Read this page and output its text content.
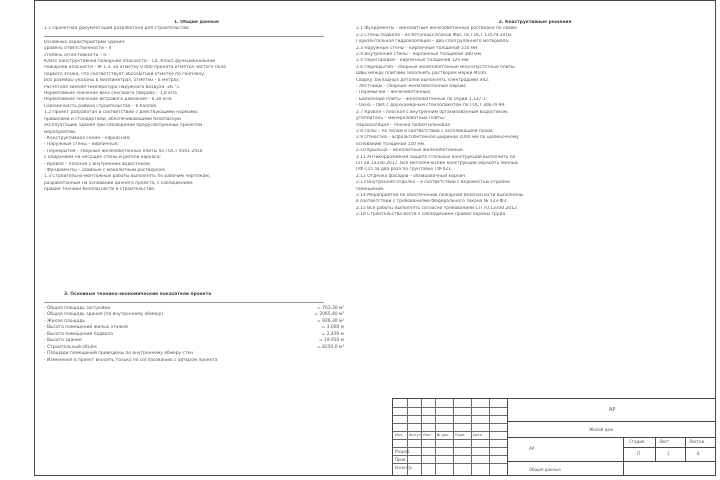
1. Общие данные

1.1 Проектная документация разработана для строительства

Основные характеристики здания:

уровень ответственности – II

степень огнестойкости – II

Класс конструктивной пожарной опасности – С0. Класс функциональной

пожарной опасности – Ф 1.3. За отметку 0.000 принята отметка чистого пола

первого этажа, что соответствует абсолютной отметке по генплану.

Все размеры указаны в миллиметрах, отметки – в метрах.

Расчётная зимняя температура наружного воздуха -26 °С

Нормативное значение веса снегового покрова – 1,8 кПа

Нормативное значение ветрового давления – 0,30 кПа

Сейсмичность района строительства – 6 баллов.

1.2 Проект разработан в соответствии с действующими нормами,

правилами и стандартами, обеспечивающими безопасную

эксплуатацию здания при соблюдении предусмотренных проектом

мероприятий.

- Конструктивная схема – каркасная;

- Наружные стены – кирпичные;

- Перекрытия – сборные железобетонные плиты по ГОСТ 9561-2016

с опиранием на несущие стены и ригели каркаса;

- Кровля – плоская с внутренним водостоком;

- Фундаменты – свайные с монолитным ростверком.

1.3 Строительно-монтажные работы выполнять по рабочим чертежам,

разработанным на основании данного проекта, с соблюдением

правил техники безопасности в строительстве.

2. Конструктивные решения

2.1 Фундаменты – монолитные железобетонные ростверки по сваям.

2.2 Стены подвала – из бетонных блоков ФБС по ГОСТ 13579-2018.

Горизонтальная гидроизоляция – два слоя рулонного материала.

2.3 Наружные стены – кирпичные толщиной 510 мм.

2.4 Внутренние стены – кирпичные толщиной 380 мм.

2.5 Перегородки – кирпичные толщиной 120 мм.

2.6 Перекрытия – сборные железобетонные многопустотные плиты.

Швы между плитами заполнить раствором марки М100.

Сварку закладных деталей выполнять электродами Э42.

- Лестницы – сборные железобетонные марши;

- Перемычки – железобетонные;

- Балконные плиты – железобетонные по серии 1.137.1;

- Окна – ПВХ с двухкамерным стеклопакетом по ГОСТ 30674-99.

2.7 Кровля – плоская с внутренним организованным водостоком,

утеплитель – минераловатные плиты;

пароизоляция – пленка полиэтиленовая.

2.8 Полы – по типам в соответствии с экспликацией полов.

2.9 Отмостка – асфальтобетонная шириной 1000 мм по щебёночному

основанию толщиной 150 мм.

2.10 Крыльца – монолитные железобетонные.

2.11 Антикоррозийная защита стальных конструкций выполнить по

СП 28.13330.2017. Все металлические конструкции окрасить эмалью

ПФ-115 за два раза по грунтовке ГФ-021.

2.12 Отделка фасадов – облицовочный кирпич.

2.13 Внутренняя отделка – в соответствии с ведомостью отделки

помещений.

2.14 Мероприятия по обеспечению пожарной безопасности выполнены

в соответствии с требованиями Федерального закона № 123-ФЗ.

2.15 Все работы выполнять согласно требованиям СП 70.13330.2012.

2.16 Строительство вести с соблюдением правил охраны труда.

3. Основные технико-экономические показатели проекта

- Общая площадь застройки	= 763,30 м²
- Общая площадь здания (по внутреннему обмеру)	= 2065,40 м²
- Жилая площадь	= 926,30 м²
- Высота помещений жилых этажей	= 3,000 м
- Высота помещений подвала	= 2,400 м
- Высота здания	= 19,950 м
- Строительный объём	= 8250,0 м³

- Площади помещений приведены по внутреннему обмеру стен

- Изменения в проект вносить только по согласованию с автором проекта

Изм. Кол.уч Лист № док. Подп. Дата
Разраб.
Пров.
Н.контр.
АР
Жилой дом
АР
Стадия	Лист	Листов
П	1	8
Общие данные
